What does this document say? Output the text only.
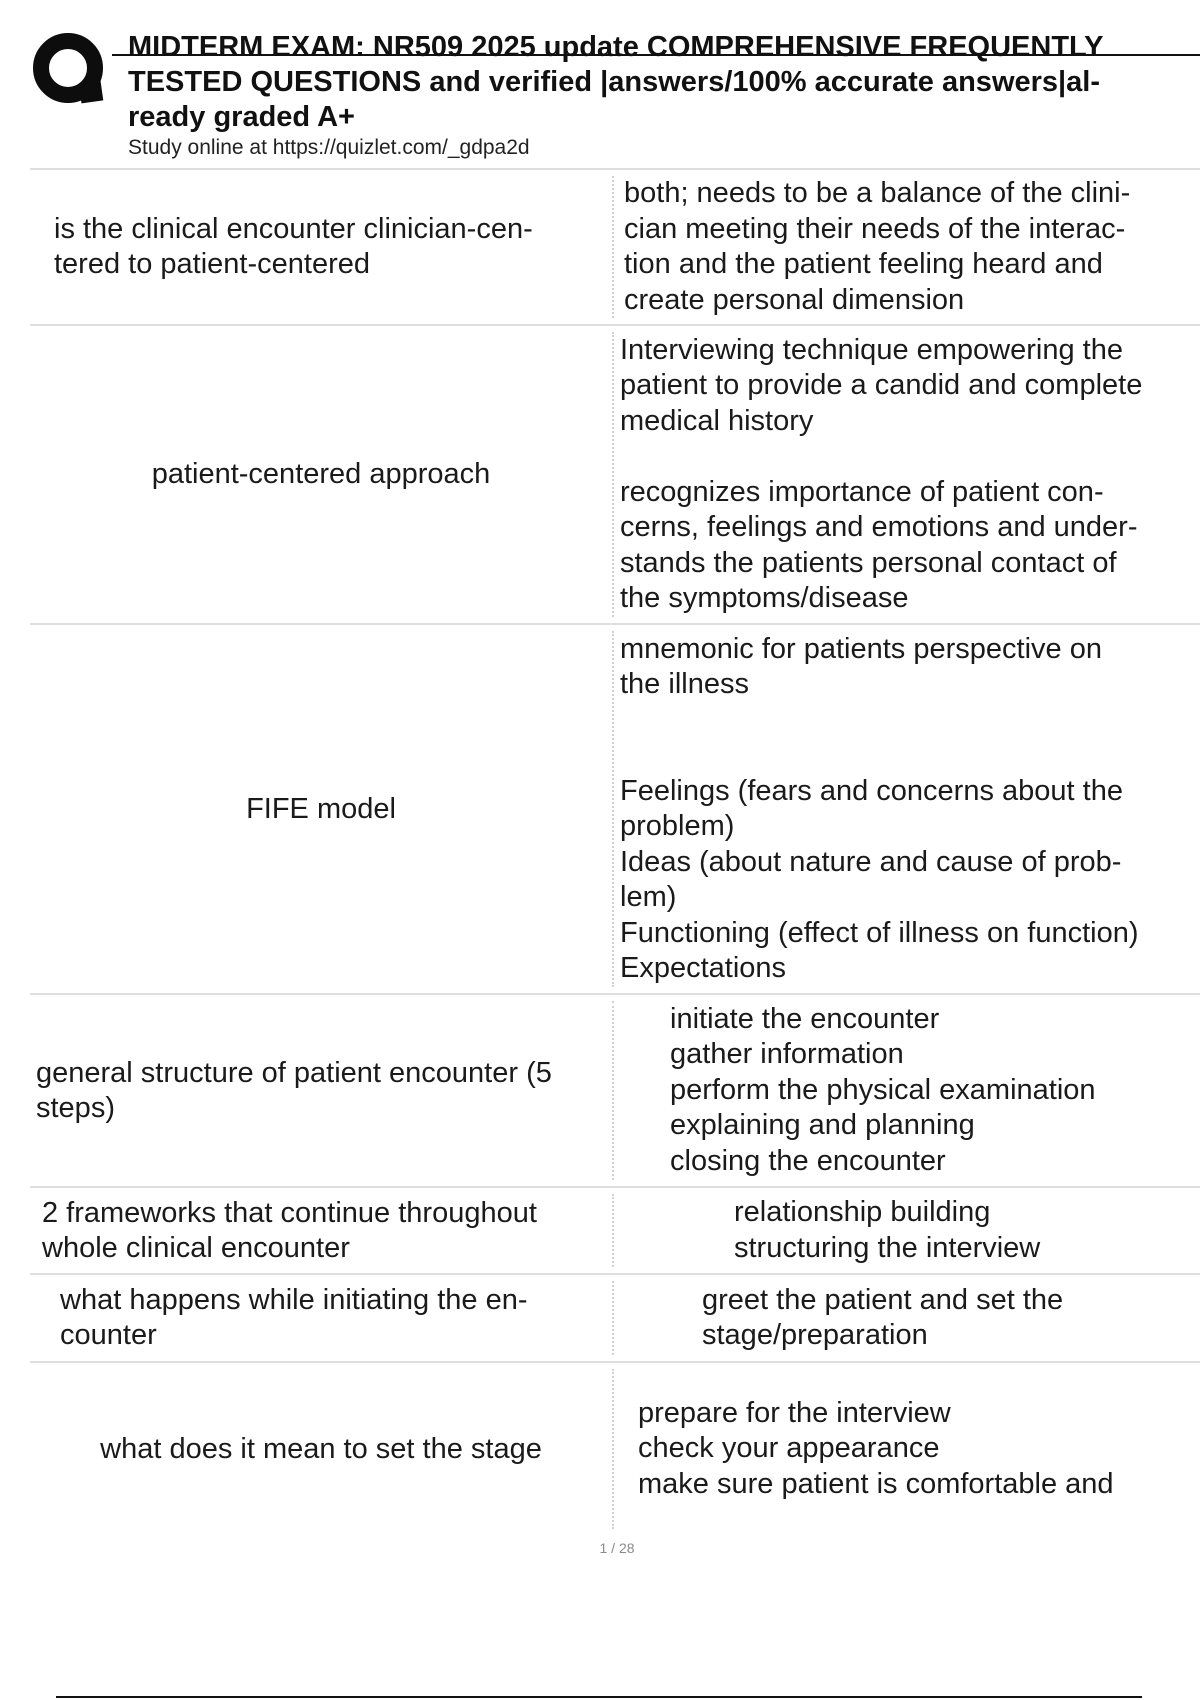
MIDTERM EXAM: NR509 2025 update COMPREHENSIVE FREQUENTLY
TESTED QUESTIONS and verified |answers/100% accurate answers|al-
ready graded A+
Study online at https://quizlet.com/_gdpa2d
is the clinical encounter clinician-cen-
tered to patient-centered
both; needs to be a balance of the clini-
cian meeting their needs of the interac-
tion and the patient feeling heard and
create personal dimension
patient-centered approach
Interviewing technique empowering the
patient to provide a candid and complete
medical history

recognizes importance of patient con-
cerns, feelings and emotions and under-
stands the patients personal contact of
the symptoms/disease
FIFE model
mnemonic for patients perspective on
the illness

Feelings (fears and concerns about the
problem)
Ideas (about nature and cause of prob-
lem)
Functioning (effect of illness on function)
Expectations
general structure of patient encounter (5
steps)
initiate the encounter
gather information
perform the physical examination
explaining and planning
closing the encounter
2 frameworks that continue throughout
whole clinical encounter
relationship building
structuring the interview
what happens while initiating the en-
counter
greet the patient and set the
stage/preparation
what does it mean to set the stage
prepare for the interview
check your appearance
make sure patient is comfortable and
1 / 28
